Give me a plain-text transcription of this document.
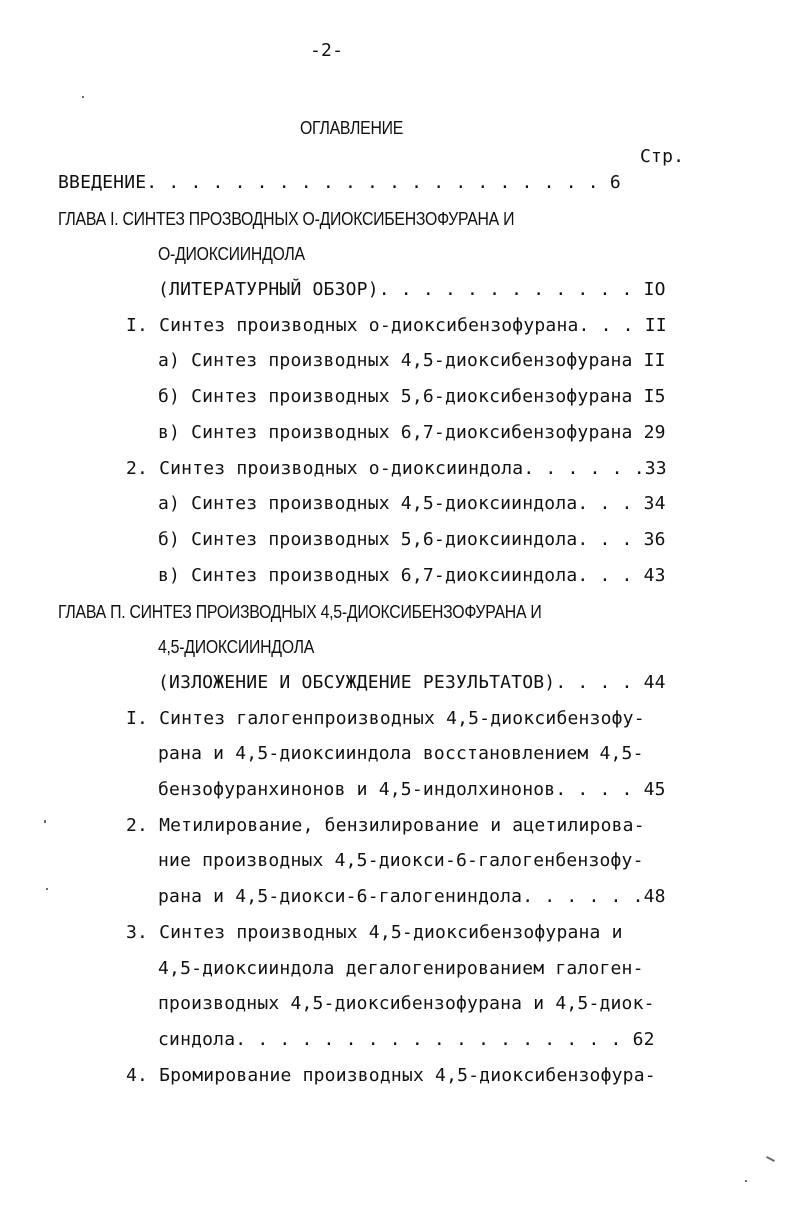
-2-
ОГЛАВЛЕНИЕ
Стр.
ВВЕДЕНИЕ. . . . . . . . . . . . . . . . . . . . . 6
ГЛАВА I. СИНТЕЗ ПРОЗВОДНЫХ О-ДИОКСИБЕНЗОФУРАНА И
О-ДИОКСИИНДОЛА
(ЛИТЕРАТУРНЫЙ ОБЗОР). . . . . . . . . . . . IO
I. Синтез производных о-диоксибензофурана. . . II
а) Синтез производных 4,5-диоксибензофурана II
б) Синтез производных 5,6-диоксибензофурана I5
в) Синтез производных 6,7-диоксибензофурана 29
2. Синтез производных о-диоксииндола. . . . . .33
а) Синтез производных 4,5-диоксииндола. . . 34
б) Синтез производных 5,6-диоксииндола. . . 36
в) Синтез производных 6,7-диоксииндола. . . 43
ГЛАВА П. СИНТЕЗ ПРОИЗВОДНЫХ 4,5-ДИОКСИБЕНЗОФУРАНА И
4,5-ДИОКСИИНДОЛА
(ИЗЛОЖЕНИЕ И ОБСУЖДЕНИЕ РЕЗУЛЬТАТОВ). . . . 44
I. Синтез галогенпроизводных 4,5-диоксибензофу-
рана и 4,5-диоксииндола восстановлением 4,5-
бензофуранхинонов и 4,5-индолхинонов. . . . 45
2. Метилирование, бензилирование и ацетилирова-
ние производных 4,5-диокси-6-галогенбензофу-
рана и 4,5-диокси-6-галогениндола. . . . . .48
3. Синтез производных 4,5-диоксибензофурана и
4,5-диоксииндола дегалогенированием галоген-
производных 4,5-диоксибензофурана и 4,5-диок-
синдола. . . . . . . . . . . . . . . . . . 62
4. Бромирование производных 4,5-диоксибензофура-
